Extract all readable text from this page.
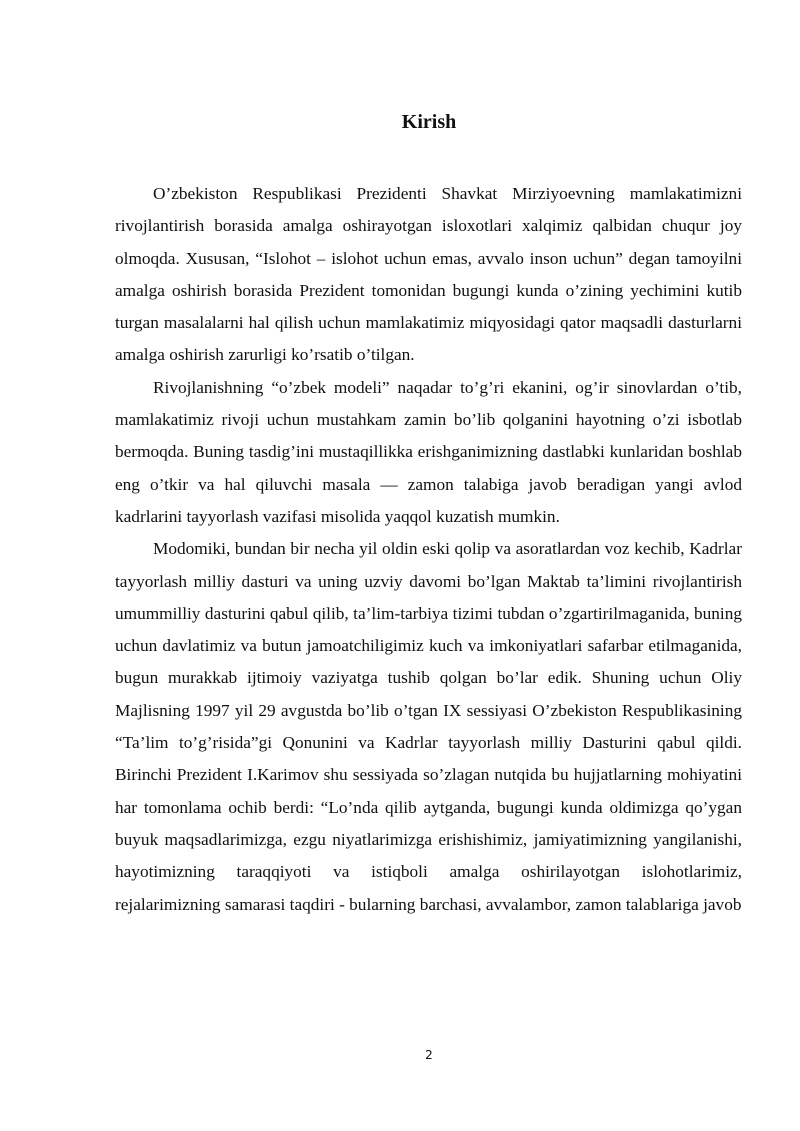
Kirish

O’zbekiston Respublikasi Prezidenti Shavkat Mirziyoevning mamlakatimizni rivojlantirish borasida amalga oshirayotgan isloxotlari xalqimiz qalbidan chuqur joy olmoqda. Xususan, “Islohot – islohot uchun emas, avvalo inson uchun” degan tamoyilni amalga oshirish borasida Prezident tomonidan bugungi kunda o’zining yechimini kutib turgan masalalarni hal qilish uchun mamlakatimiz miqyosidagi qator maqsadli dasturlarni amalga oshirish zarurligi ko’rsatib o’tilgan.

Rivojlanishning “o’zbek modeli” naqadar to’g’ri ekanini, og’ir sinovlardan o’tib, mamlakatimiz rivoji uchun mustahkam zamin bo’lib qolganini hayotning o’zi isbotlab bermoqda. Buning tasdig’ini mustaqillikka erishganimizning dastlabki kunlaridan boshlab eng o’tkir va hal qiluvchi masala — zamon talabiga javob beradigan yangi avlod kadrlarini tayyorlash vazifasi misolida yaqqol kuzatish mumkin.

Modomiki, bundan bir necha yil oldin eski qolip va asoratlardan voz kechib, Kadrlar tayyorlash milliy dasturi va uning uzviy davomi bo’lgan Maktab ta’limini rivojlantirish umummilliy dasturini qabul qilib, ta’lim-tarbiya tizimi tubdan o’zgartirilmaganida, buning uchun davlatimiz va butun jamoatchiligimiz kuch va imkoniyatlari safarbar etilmaganida, bugun murakkab ijtimoiy vaziyatga tushib qolgan bo’lar edik. Shuning uchun Oliy Majlisning 1997 yil 29 avgustda bo’lib o’tgan IX sessiyasi O’zbekiston Respublikasining “Ta’lim to’g’risida”gi Qonunini va Kadrlar tayyorlash milliy Dasturini qabul qildi. Birinchi Prezident I.Karimov shu sessiyada so’zlagan nutqida bu hujjatlarning mohiyatini har tomonlama ochib berdi: “Lo’nda qilib aytganda, bugungi kunda oldimizga qo’ygan buyuk maqsadlarimizga, ezgu niyatlarimizga erishishimiz, jamiyatimizning yangilanishi, hayotimizning taraqqiyoti va istiqboli amalga oshirilayotgan islohotlarimiz, rejalarimizning samarasi taqdiri - bularning barchasi, avvalambor, zamon talablariga javob

2
